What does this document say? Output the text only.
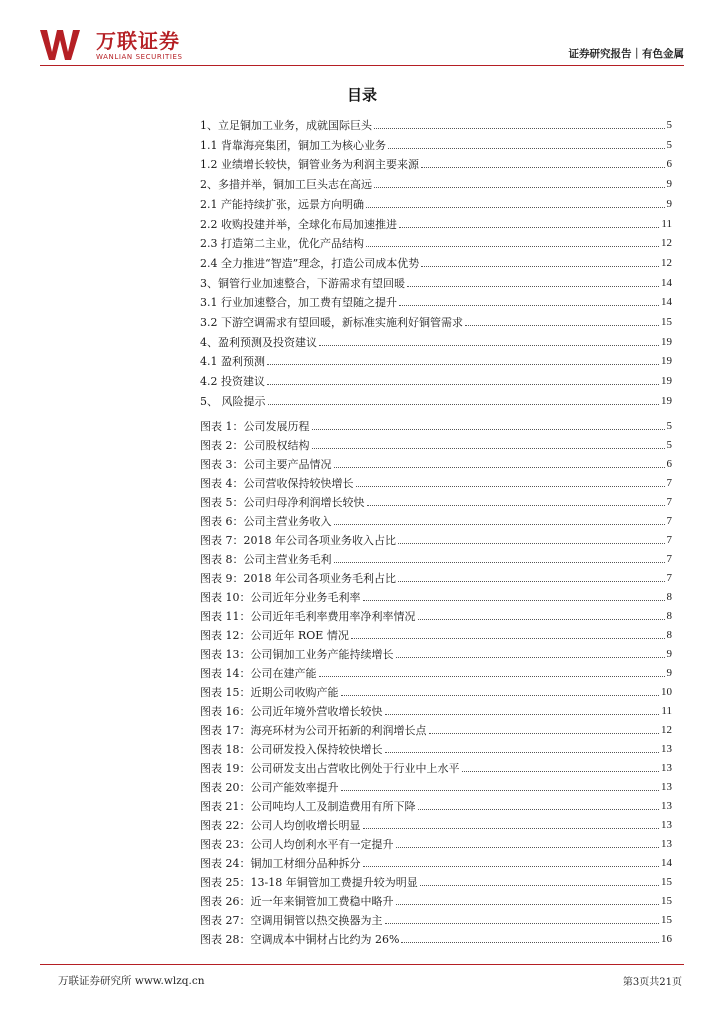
万联证券
WANLIAN SECURITIES	证券研究报告｜有色金属
目录
1、立足铜加工业务，成就国际巨头	5
1.1 背靠海亮集团，铜加工为核心业务	5
1.2 业绩增长较快，铜管业务为利润主要来源	6
2、多措并举，铜加工巨头志在高远	9
2.1 产能持续扩张，远景方向明确	9
2.2 收购投建并举，全球化布局加速推进	11
2.3 打造第二主业，优化产品结构	12
2.4 全力推进“智造”理念，打造公司成本优势	12
3、铜管行业加速整合，下游需求有望回暖	14
3.1 行业加速整合，加工费有望随之提升	14
3.2 下游空调需求有望回暖，新标准实施利好铜管需求	15
4、盈利预测及投资建议	19
4.1 盈利预测	19
4.2 投资建议	19
5、 风险提示	19
图表 1：公司发展历程	5
图表 2：公司股权结构	5
图表 3：公司主要产品情况	6
图表 4：公司营收保持较快增长	7
图表 5：公司归母净利润增长较快	7
图表 6：公司主营业务收入	7
图表 7：2018 年公司各项业务收入占比	7
图表 8：公司主营业务毛利	7
图表 9：2018 年公司各项业务毛利占比	7
图表 10：公司近年分业务毛利率	8
图表 11：公司近年毛利率费用率净利率情况	8
图表 12：公司近年 ROE 情况	8
图表 13：公司铜加工业务产能持续增长	9
图表 14：公司在建产能	9
图表 15：近期公司收购产能	10
图表 16：公司近年境外营收增长较快	11
图表 17：海亮环材为公司开拓新的利润增长点	12
图表 18：公司研发投入保持较快增长	13
图表 19：公司研发支出占营收比例处于行业中上水平	13
图表 20：公司产能效率提升	13
图表 21：公司吨均人工及制造费用有所下降	13
图表 22：公司人均创收增长明显	13
图表 23：公司人均创利水平有一定提升	13
图表 24：铜加工材细分品种拆分	14
图表 25：13-18 年铜管加工费提升较为明显	15
图表 26：近一年来铜管加工费稳中略升	15
图表 27：空调用铜管以热交换器为主	15
图表 28：空调成本中铜材占比约为 26%	16
万联证券研究所 www.wlzq.cn	第3页共21页
